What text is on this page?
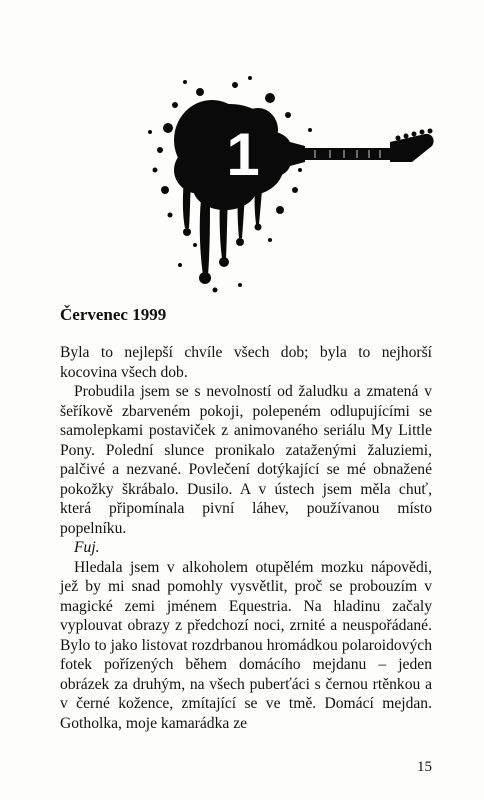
1
Červenec 1999

Byla to nejlepší chvíle všech dob; byla to nejhorší kocovina všech dob.

Probudila jsem se s nevolností od žaludku a zmatená v šeříkově zbarveném pokoji, polepeném odlupujícími se samolepkami postaviček z animovaného seriálu My Little Pony. Polední slunce pronikalo zataženými žaluziemi, palčivé a nezvané. Povlečení dotýkající se mé obnažené pokožky škrábalo. Dusilo. A v ústech jsem měla chuť, která připomínala pivní láhev, používanou místo popelníku.

Fuj.

Hledala jsem v alkoholem otupělém mozku nápovědi, jež by mi snad pomohly vysvětlit, proč se probouzím v magické zemi jménem Equestria. Na hladinu začaly vyplouvat obrazy z předchozí noci, zrnité a neuspořádané. Bylo to jako listovat rozdrbanou hromádkou polaroidových fotek pořízených během domácího mejdanu – jeden obrázek za druhým, na všech puberťáci s černou rtěnkou a v černé kožence, zmítající se ve tmě. Domácí mejdan. Gotholka, moje kamarádka ze

15
